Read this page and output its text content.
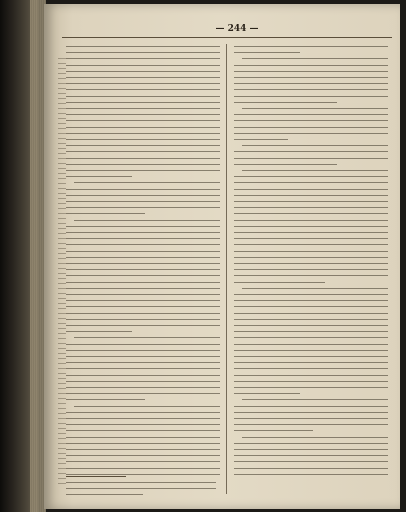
— 244 —
